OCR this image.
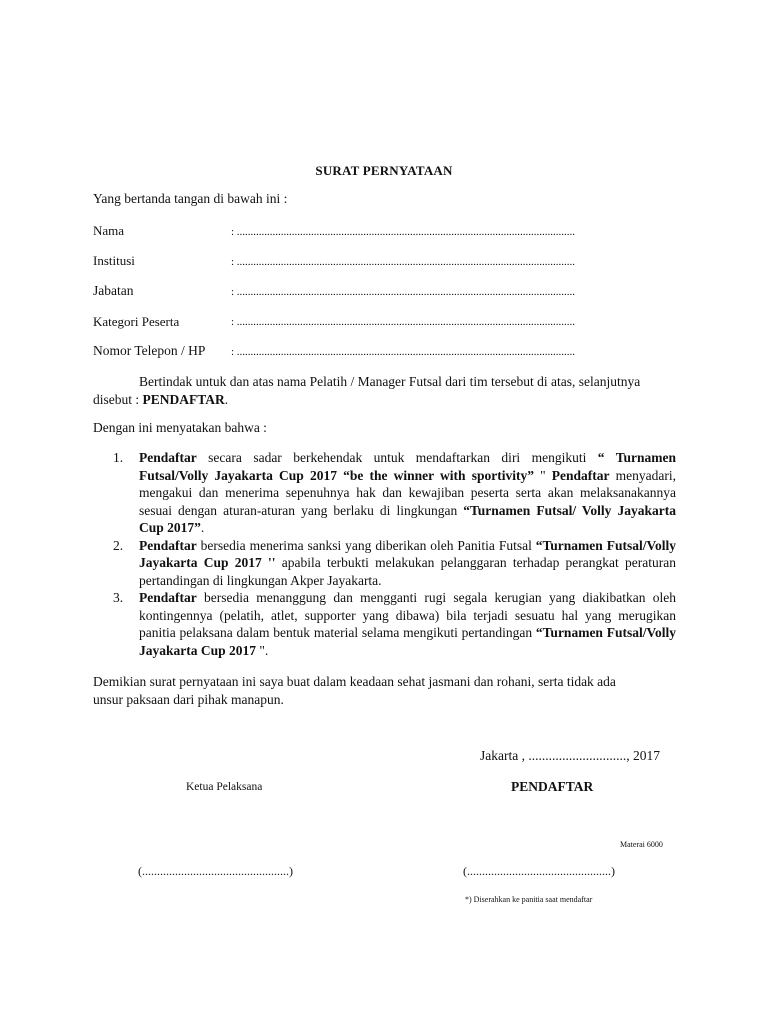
SURAT PERNYATAAN
Yang bertanda tangan di bawah ini :
Nama	: ...........................................................................................................................
Institusi	: ...........................................................................................................................
Jabatan	: ...........................................................................................................................
Kategori Peserta	: ...........................................................................................................................
Nomor Telepon / HP : ...........................................................................................................................
Bertindak untuk dan atas nama Pelatih / Manager Futsal dari tim tersebut di atas, selanjutnya
disebut : PENDAFTAR.
Dengan ini menyatakan bahwa :
1.	Pendaftar secara sadar berkehendak untuk mendaftarkan diri mengikuti “ Turnamen Futsal/Volly Jayakarta Cup 2017 “be the winner with sportivity” " Pendaftar menyadari, mengakui dan menerima sepenuhnya hak dan kewajiban peserta serta akan melaksanakannya sesuai dengan aturan-aturan yang berlaku di lingkungan “Turnamen Futsal/ Volly Jayakarta Cup 2017”.
2.	Pendaftar bersedia menerima sanksi yang diberikan oleh Panitia Futsal “Turnamen Futsal/Volly Jayakarta Cup 2017 '' apabila terbukti melakukan pelanggaran terhadap perangkat peraturan pertandingan di lingkungan Akper Jayakarta.
3.	Pendaftar bersedia menanggung dan mengganti rugi segala kerugian yang diakibatkan oleh kontingennya (pelatih, atlet, supporter yang dibawa) bila terjadi sesuatu hal yang merugikan panitia pelaksana dalam bentuk material selama mengikuti pertandingan “Turnamen Futsal/Volly Jayakarta Cup 2017 ".
Demikian surat pernyataan ini saya buat dalam keadaan sehat jasmani dan rohani, serta tidak ada
unsur paksaan dari pihak manapun.
Jakarta , ............................., 2017
Ketua Pelaksana	PENDAFTAR
Materai 6000
(.................................................)	(................................................)
*) Diserahkan ke panitia saat mendaftar
